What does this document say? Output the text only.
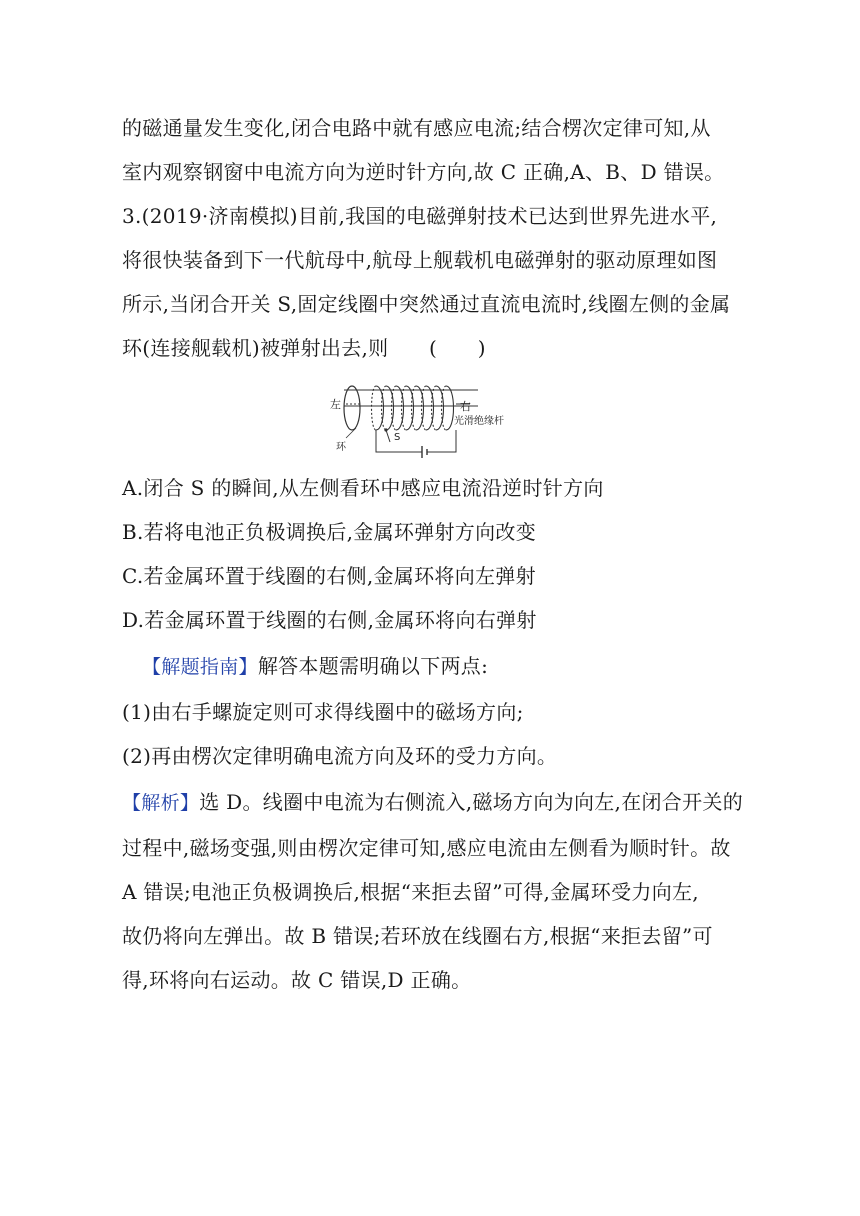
的磁通量发生变化,闭合电路中就有感应电流;结合楞次定律可知,从
室内观察钢窗中电流方向为逆时针方向,故 C 正确,A、B、D 错误。
3.(2019·济南模拟)目前,我国的电磁弹射技术已达到世界先进水平,
将很快装备到下一代航母中,航母上舰载机电磁弹射的驱动原理如图
所示,当闭合开关 S,固定线圈中突然通过直流电流时,线圈左侧的金属
环(连接舰载机)被弹射出去,则　　(　　)
左	右
光滑绝缘杆
S
环
A.闭合 S 的瞬间,从左侧看环中感应电流沿逆时针方向
B.若将电池正负极调换后,金属环弹射方向改变
C.若金属环置于线圈的右侧,金属环将向左弹射
D.若金属环置于线圈的右侧,金属环将向右弹射
【解题指南】解答本题需明确以下两点:
(1)由右手螺旋定则可求得线圈中的磁场方向;
(2)再由楞次定律明确电流方向及环的受力方向。
【解析】选 D。线圈中电流为右侧流入,磁场方向为向左,在闭合开关的
过程中,磁场变强,则由楞次定律可知,感应电流由左侧看为顺时针。故
A 错误;电池正负极调换后,根据“来拒去留”可得,金属环受力向左,
故仍将向左弹出。故 B 错误;若环放在线圈右方,根据“来拒去留”可
得,环将向右运动。故 C 错误,D 正确。
